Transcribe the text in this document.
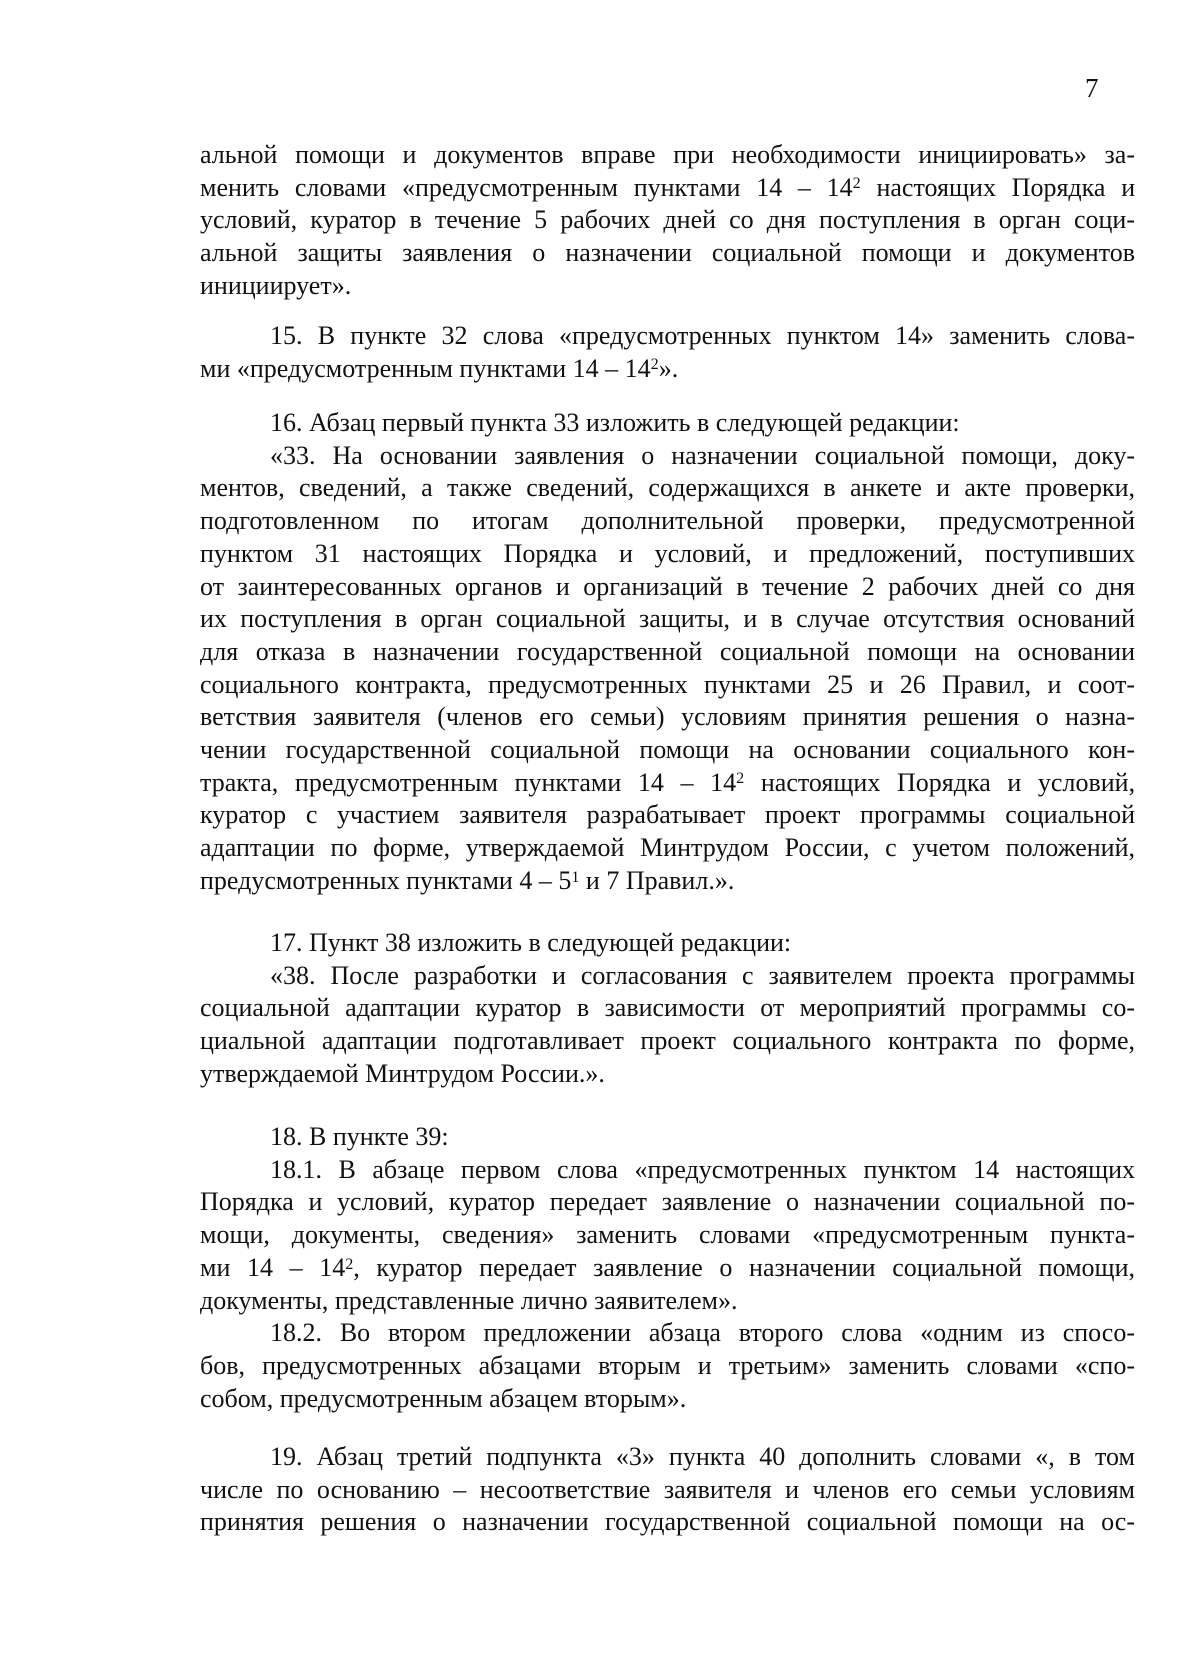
7

альной помощи и документов вправе при необходимости инициировать» за-
менить словами «предусмотренным пунктами $14 - 14^2$ настоящих Порядка и
условий, куратор в течение 5 рабочих дней со дня поступления в орган соци-
альной защиты заявления о назначении социальной помощи и документов
инициирует».

15. В пункте 32 слова «предусмотренных пунктом 14» заменить слова-
ми «предусмотренным пунктами $14 - 14^2$».

16. Абзац первый пункта 33 изложить в следующей редакции:
«33. На основании заявления о назначении социальной помощи, доку-
ментов, сведений, а также сведений, содержащихся в анкете и акте проверки,
подготовленном по итогам дополнительной проверки, предусмотренной
пунктом 31 настоящих Порядка и условий, и предложений, поступивших
от заинтересованных органов и организаций в течение 2 рабочих дней со дня
их поступления в орган социальной защиты, и в случае отсутствия оснований
для отказа в назначении государственной социальной помощи на основании
социального контракта, предусмотренных пунктами 25 и 26 Правил, и соот-
ветствия заявителя (членов его семьи) условиям принятия решения о назна-
чении государственной социальной помощи на основании социального кон-
тракта, предусмотренным пунктами $14 - 14^2$ настоящих Порядка и условий,
куратор с участием заявителя разрабатывает проект программы социальной
адаптации по форме, утверждаемой Минтрудом России, с учетом положений,
предусмотренных пунктами $4 - 5^1$ и 7 Правил.».

17. Пункт 38 изложить в следующей редакции:
«38. После разработки и согласования с заявителем проекта программы
социальной адаптации куратор в зависимости от мероприятий программы со-
циальной адаптации подготавливает проект социального контракта по форме,
утверждаемой Минтрудом России.».

18. В пункте 39:
18.1. В абзаце первом слова «предусмотренных пунктом 14 настоящих
Порядка и условий, куратор передает заявление о назначении социальной по-
мощи, документы, сведения» заменить словами «предусмотренным пункта-
ми $14 - 14^2$, куратор передает заявление о назначении социальной помощи,
документы, представленные лично заявителем».
18.2. Во втором предложении абзаца второго слова «одним из спосо-
бов, предусмотренных абзацами вторым и третьим» заменить словами «спо-
собом, предусмотренным абзацем вторым».

19. Абзац третий подпункта «3» пункта 40 дополнить словами «, в том
числе по основанию – несоответствие заявителя и членов его семьи условиям
принятия решения о назначении государственной социальной помощи на ос-
